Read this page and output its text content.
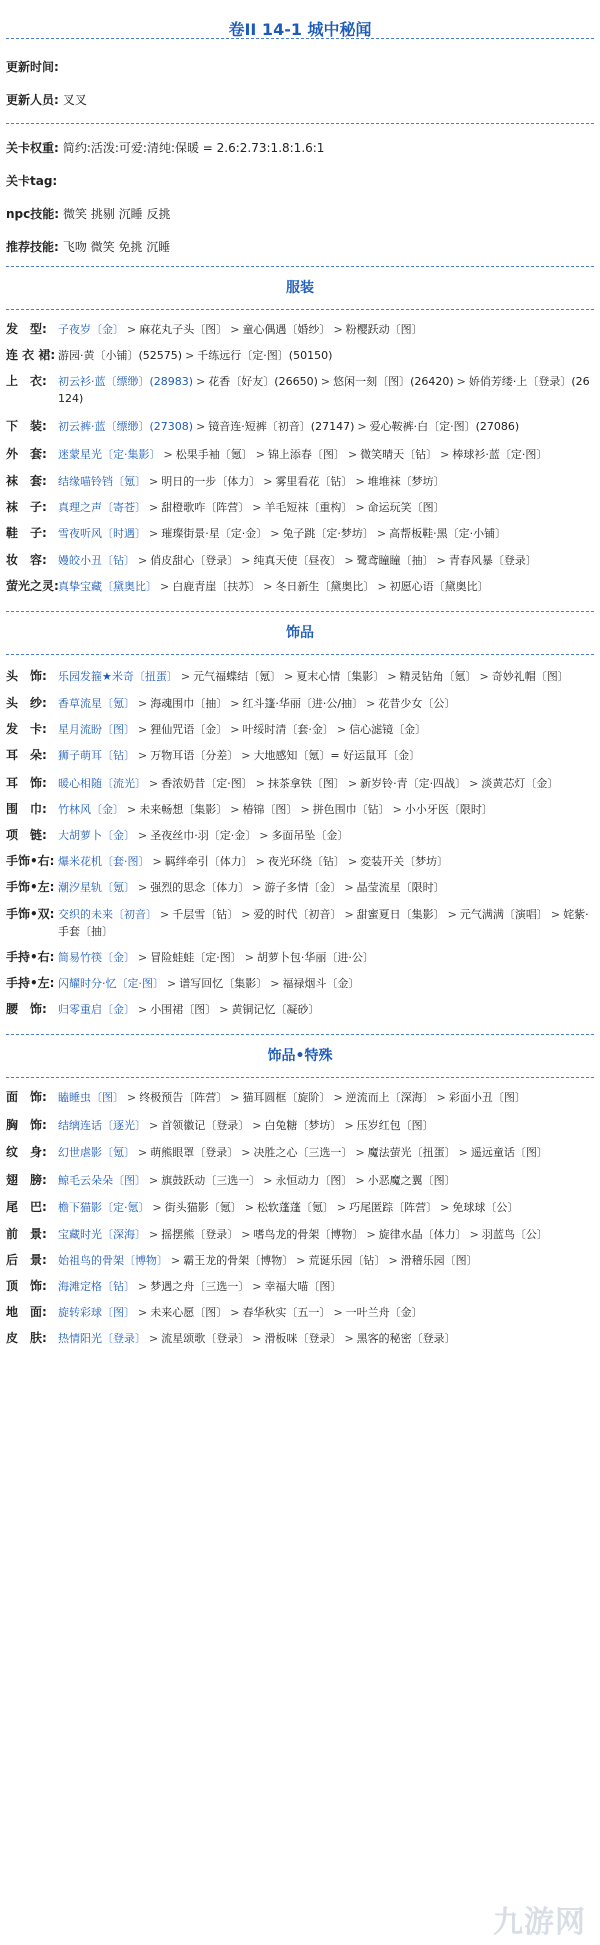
卷II 14-1 城中秘闻
更新时间:
更新人员: 叉叉
关卡权重: 简约:活泼:可爱:清纯:保暖 = 2.6:2.73:1.8:1.6:1
关卡tag:
npc技能: 微笑 挑剔 沉睡 反挑
推荐技能: 飞吻 微笑 免挑 沉睡
服装
发　型:	子夜岁〔金〕 > 麻花丸子头〔图〕 > 童心偶遇〔婚纱〕 > 粉樱跃动〔图〕
连 衣 裙: 游园·黄〔小铺〕(52575) > 千练远行〔定·图〕(50150)
上　衣:	初云衫·蓝〔缥缈〕(28983) > 花香〔好友〕(26650) > 悠闲一刻〔图〕(26420) > 娇俏芳缕·上〔登录〕(26124)
下　装:	初云裤·蓝〔缥缈〕(27308) > 镜音连·短裤〔初音〕(27147) > 爱心鞍裤·白〔定·图〕(27086)
外　套:	迷蒙星光〔定·集影〕 > 松果手袖〔氪〕 > 锦上添春〔图〕 > 微笑晴天〔钻〕 > 棒球衫·蓝〔定·图〕
袜　套:	结缘喵铃铛〔氪〕 > 明日的一步〔体力〕 > 雾里看花〔钻〕 > 堆堆袜〔梦坊〕
袜　子:	真理之声〔寄苍〕 > 甜橙歌咋〔阵营〕 > 羊毛短袜〔重构〕 > 命运玩笑〔图〕
鞋　子:	雪夜听风〔时遇〕 > 璀璨街景·星〔定·金〕 > 兔子跳〔定·梦坊〕 > 高帮板鞋·黑〔定·小铺〕
妆　容:	嫚皎小丑〔钻〕 > 俏皮甜心〔登录〕 > 纯真天使〔昼夜〕 > 鹭鸢瞳瞳〔抽〕 > 青春风暴〔登录〕
萤光之灵: 真挚宝藏〔黛奥比〕 > 白鹿青崖〔扶苏〕 > 冬日新生〔黛奥比〕 > 初愿心语〔黛奥比〕
饰品
头　饰:	乐园发箍★米奇〔扭蛋〕 > 元气福蝶结〔氪〕 > 夏末心情〔集影〕 > 精灵钻角〔氪〕 > 奇妙礼帽〔图〕
头　纱:	香草流星〔氪〕 > 海魂围巾〔抽〕 > 红斗篷·华丽〔进·公/抽〕 > 花昔少女〔公〕
发　卡:	星月流盼〔图〕 > 狸仙咒语〔金〕 > 叶绥时清〔套·金〕 > 信心滤镜〔金〕
耳　朵:	狮子萌耳〔钻〕 > 万物耳语〔分差〕 > 大地感知〔氪〕= 好运鼠耳〔金〕
耳　饰:	暖心相随〔流光〕 > 香浓奶昔〔定·图〕 > 抹茶拿铁〔图〕 > 新岁铃·青〔定·四战〕 > 淡黄芯灯〔金〕
围　巾:	竹林风〔金〕 > 未来畅想〔集影〕 > 椿锦〔图〕 > 拼色围巾〔钻〕 > 小小牙医〔限时〕
项　链:	大胡萝卜〔金〕 > 圣夜丝巾·羽〔定·金〕 > 多面吊坠〔金〕
手饰•右: 爆米花机〔套·图〕 > 羁绊牵引〔体力〕 > 夜光环绕〔钻〕 > 変装开关〔梦坊〕
手饰•左: 潮汐星轨〔氪〕 > 强烈的思念〔体力〕 > 游子多情〔金〕 > 晶莹流星〔限时〕
手饰•双: 交织的未来〔初音〕 > 千层雪〔钻〕 > 爱的时代〔初音〕 > 甜蜜夏日〔集影〕 > 元气满满〔演唱〕 > 姹紫·手套〔抽〕
手持•右: 简易竹筷〔金〕 > 冒险蛙蛙〔定·图〕 > 胡萝卜包·华丽〔进·公〕
手持•左: 闪耀时分·忆〔定·图〕 > 谱写回忆〔集影〕 > 福禄烟斗〔金〕
腰　饰:	归零重启〔金〕 > 小围裙〔图〕 > 黄铜记忆〔凝砂〕
饰品•特殊
面　饰:	瞌睡虫〔图〕 > 终极预告〔阵营〕 > 猫耳圆框〔旋阶〕 > 逆流而上〔深海〕 > 彩面小丑〔图〕
胸　饰:	结缡连话〔逐光〕 > 首领徽记〔登录〕 > 白兔糖〔梦坊〕 > 压岁红包〔图〕
纹　身:	幻世虐影〔氪〕 > 萌熊眼罩〔登录〕 > 决胜之心〔三选一〕 > 魔法萤光〔扭蛋〕 > 遥远童话〔图〕
翅　膀:	鲸毛云朵朵〔图〕 > 旗鼓跃动〔三选一〕 > 永恒动力〔图〕 > 小恶魔之翼〔图〕
尾　巴:	檐下猫影〔定·氪〕 > 街头猫影〔氪〕 > 松软蓬蓬〔氪〕 > 巧尾匿踪〔阵营〕 > 免球球〔公〕
前　景:	宝藏时光〔深海〕 > 摇摆熊〔登录〕 > 嗜鸟龙的骨架〔博物〕 > 旋律水晶〔体力〕 > 羽蓝鸟〔公〕
后　景:	始祖鸟的骨架〔博物〕 > 霸王龙的骨架〔博物〕 > 荒诞乐园〔钻〕 > 滑稽乐园〔图〕
顶　饰:	海滩定格〔钻〕 > 梦遇之舟〔三选一〕 > 幸福大喵〔图〕
地　面:	旋转彩球〔图〕 > 未来心愿〔图〕 > 春华秋实〔五一〕 > 一叶兰舟〔金〕
皮　肤:	热情阳光〔登录〕 > 流星颂歌〔登录〕 > 滑板咪〔登录〕 > 黑客的秘密〔登录〕
九游网
